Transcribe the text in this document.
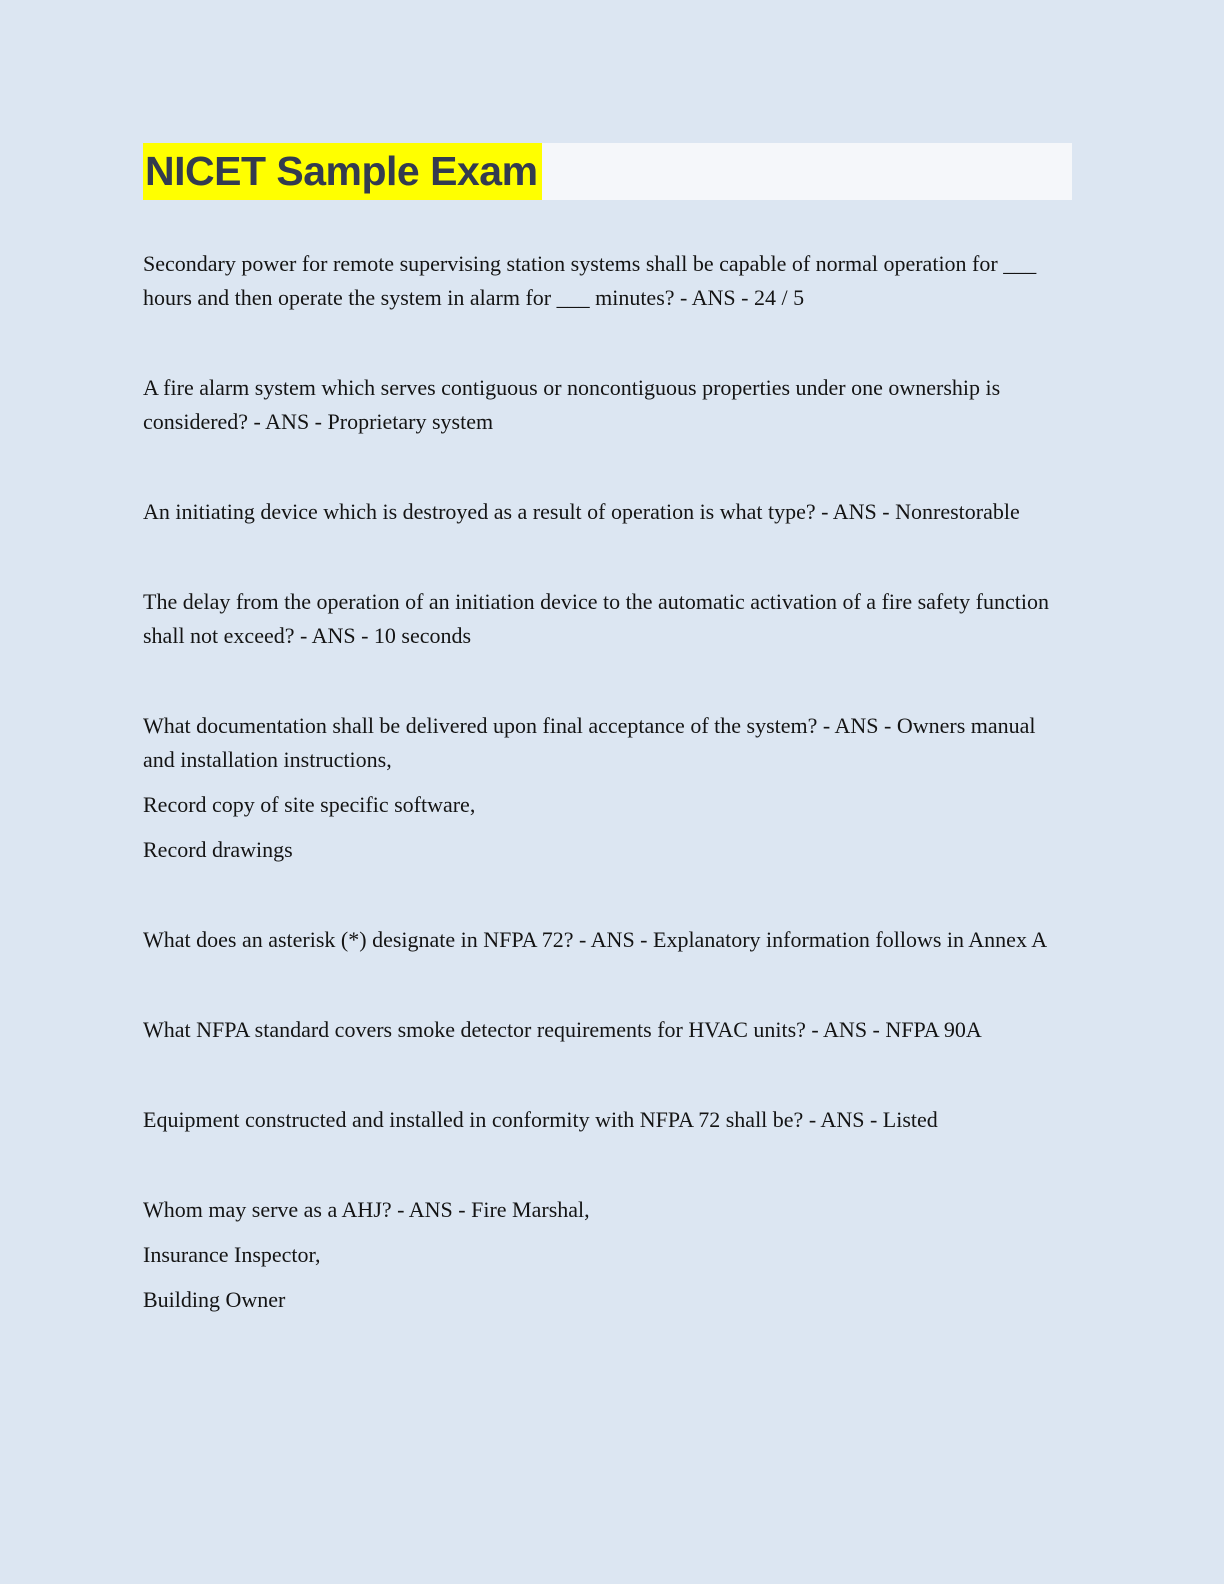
NICET Sample Exam

Secondary power for remote supervising station systems shall be capable of normal operation for ___ hours and then operate the system in alarm for ___ minutes? - ANS - 24 / 5

A fire alarm system which serves contiguous or noncontiguous properties under one ownership is considered? - ANS - Proprietary system

An initiating device which is destroyed as a result of operation is what type? - ANS - Nonrestorable

The delay from the operation of an initiation device to the automatic activation of a fire safety function shall not exceed? - ANS - 10 seconds

What documentation shall be delivered upon final acceptance of the system? - ANS - Owners manual and installation instructions,

Record copy of site specific software,

Record drawings

What does an asterisk (*) designate in NFPA 72? - ANS - Explanatory information follows in Annex A

What NFPA standard covers smoke detector requirements for HVAC units? - ANS - NFPA 90A

Equipment constructed and installed in conformity with NFPA 72 shall be? - ANS - Listed

Whom may serve as a AHJ? - ANS - Fire Marshal,

Insurance Inspector,

Building Owner
